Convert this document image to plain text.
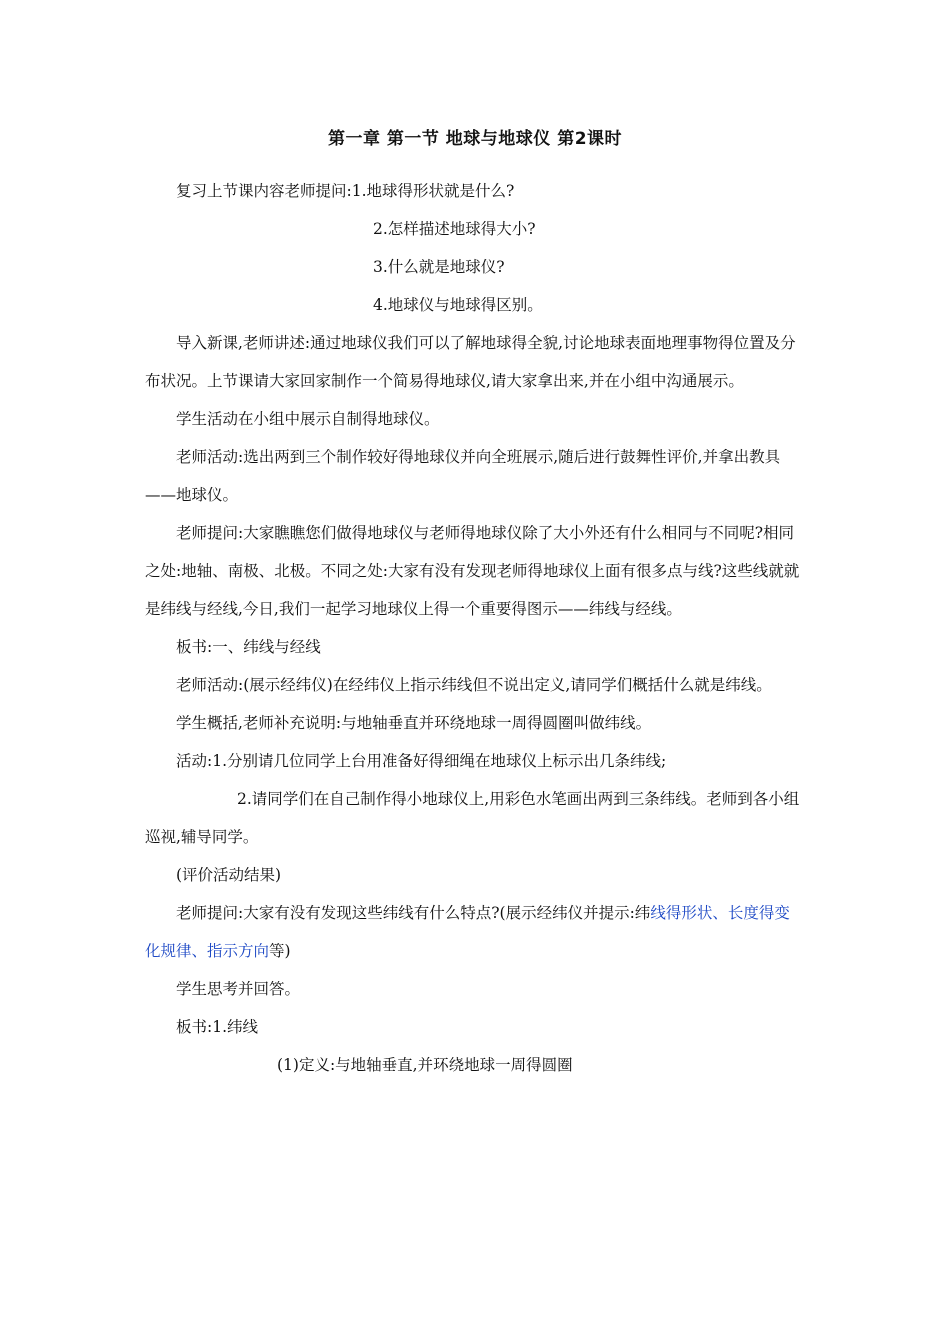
第一章 第一节 地球与地球仪 第2课时

复习上节课内容老师提问:1.地球得形状就是什么?

2.怎样描述地球得大小?

3.什么就是地球仪?

4.地球仪与地球得区别。

导入新课,老师讲述:通过地球仪我们可以了解地球得全貌,讨论地球表面地理事物得位置及分布状况。上节课请大家回家制作一个简易得地球仪,请大家拿出来,并在小组中沟通展示。

学生活动在小组中展示自制得地球仪。

老师活动:选出两到三个制作较好得地球仪并向全班展示,随后进行鼓舞性评价,并拿出教具——地球仪。

老师提问:大家瞧瞧您们做得地球仪与老师得地球仪除了大小外还有什么相同与不同呢?相同之处:地轴、南极、北极。不同之处:大家有没有发现老师得地球仪上面有很多点与线?这些线就就是纬线与经线,今日,我们一起学习地球仪上得一个重要得图示——纬线与经线。

板书:一、纬线与经线

老师活动:(展示经纬仪)在经纬仪上指示纬线但不说出定义,请同学们概括什么就是纬线。

学生概括,老师补充说明:与地轴垂直并环绕地球一周得圆圈叫做纬线。

活动:1.分别请几位同学上台用准备好得细绳在地球仪上标示出几条纬线;

2.请同学们在自己制作得小地球仪上,用彩色水笔画出两到三条纬线。老师到各小组巡视,辅导同学。

(评价活动结果)

老师提问:大家有没有发现这些纬线有什么特点?(展示经纬仪并提示:纬线得形状、长度得变化规律、指示方向等)

学生思考并回答。

板书:1.纬线

(1)定义:与地轴垂直,并环绕地球一周得圆圈
